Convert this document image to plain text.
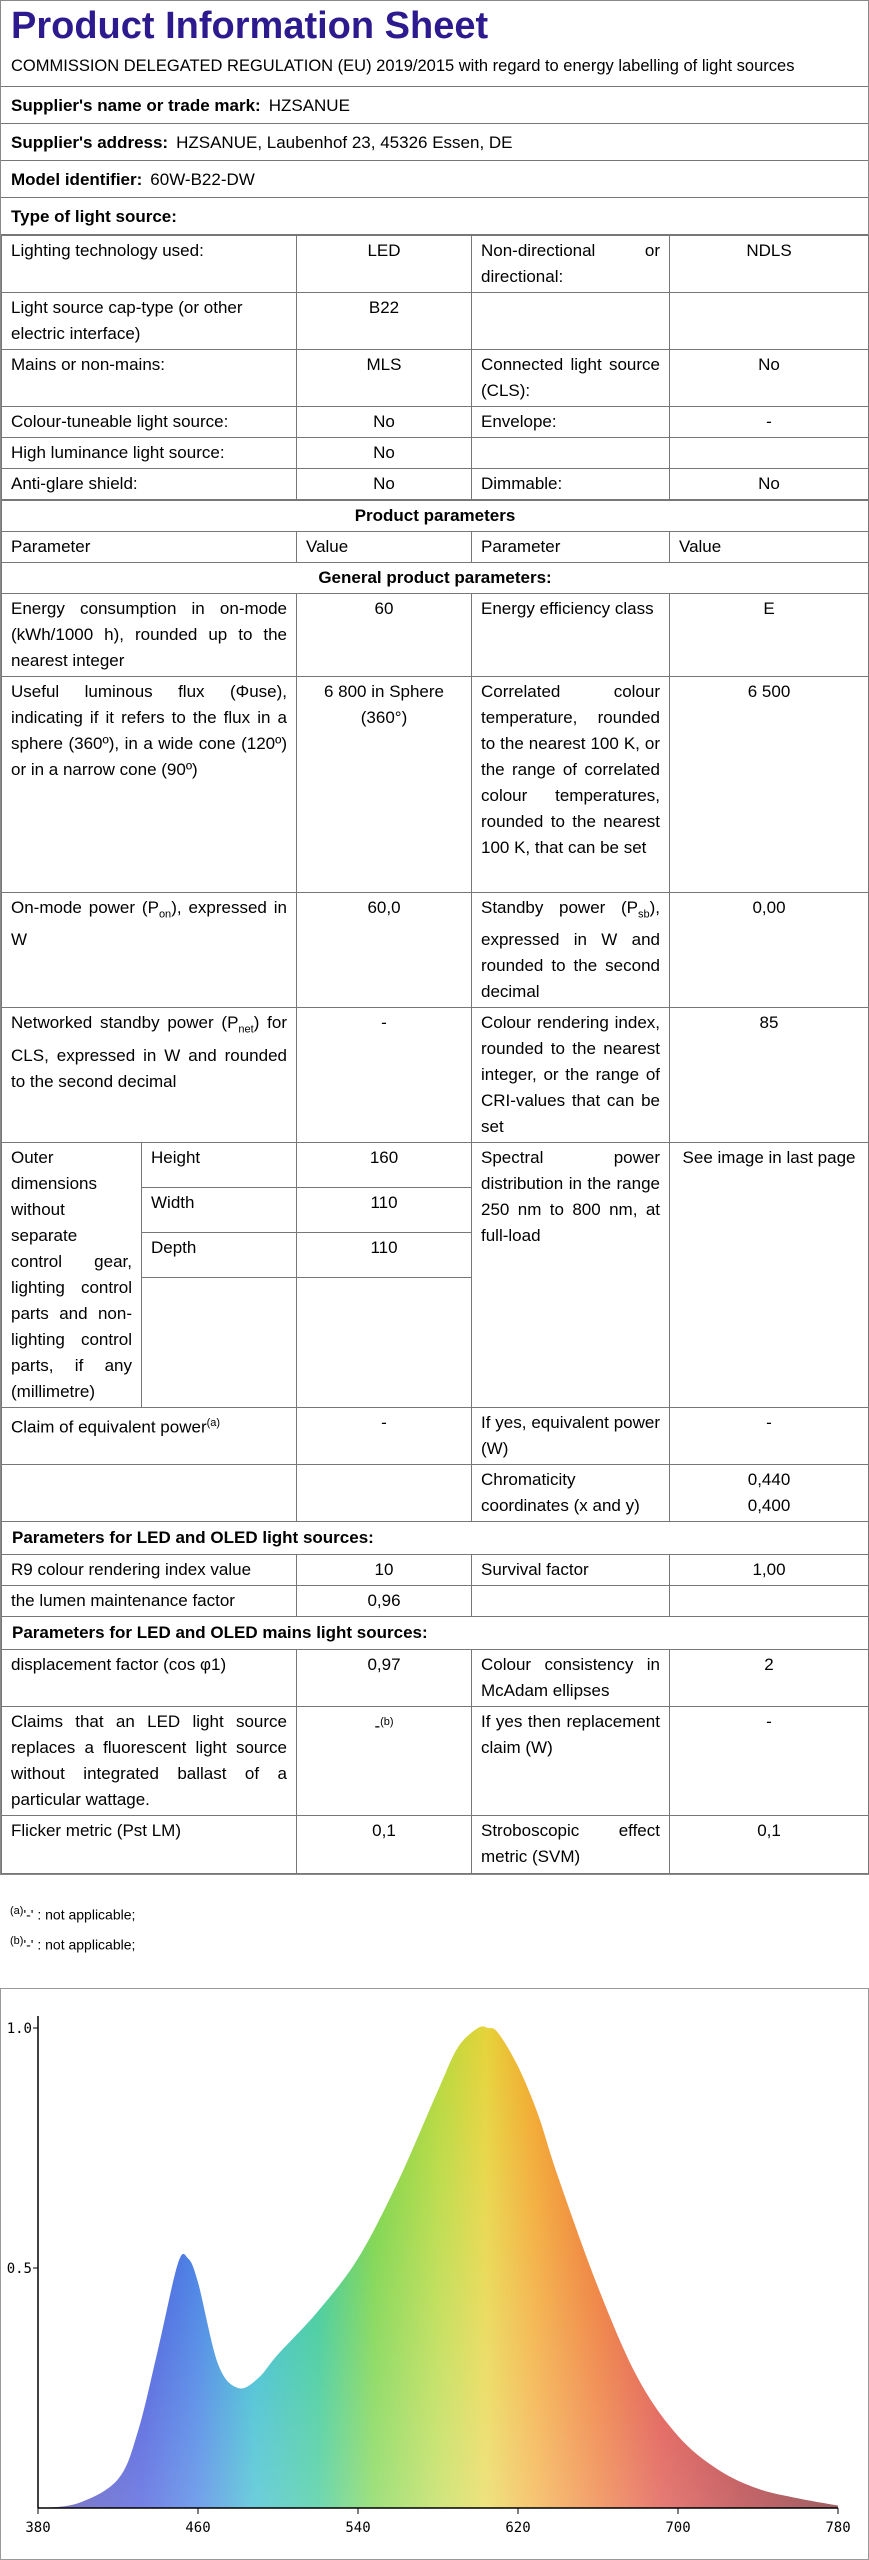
Product Information Sheet
COMMISSION DELEGATED REGULATION (EU) 2019/2015 with regard to energy labelling of light sources
Supplier's name or trade mark: HZSANUE
Supplier's address: HZSANUE, Laubenhof 23, 45326 Essen, DE
Model identifier: 60W-B22-DW
Type of light source:
Lighting technology used:	LED	Non-directional or directional:	NDLS
Light source cap-type (or other electric interface)	B22		
Mains or non-mains:	MLS	Connected light source (CLS):	No
Colour-tuneable light source:	No	Envelope:	-
High luminance light source:	No		
Anti-glare shield:	No	Dimmable:	No
Product parameters				
Parameter		Value	Parameter	Value
General product parameters:				
Energy consumption in on-mode (kWh/1000 h), rounded up to the nearest integer		60	Energy efficiency class	E
Useful luminous flux (Φuse), indicating if it refers to the flux in a sphere (360º), in a wide cone (120º) or in a narrow cone (90º)		6 800 in Sphere (360°)	Correlated colour temperature, rounded to the nearest 100 K, or the range of correlated colour temperatures, rounded to the nearest 100 K, that can be set	6 500
On-mode power $(P_{on})$, expressed in W		60,0	Standby power $(P_{sb})$, expressed in W and rounded to the second decimal	0,00
Networked standby power $(P_{net})$ for CLS, expressed in W and rounded to the second decimal		-	Colour rendering index, rounded to the nearest integer, or the range of CRI-values that can be set	85
Outer dimensions without separate control gear, lighting control parts and non-lighting control parts, if any (millimetre)	Height	160	Spectral power distribution in the range 250 nm to 800 nm, at full-load	See image in last page
	Width	110		
	Depth	110		

Claim of equivalent power$^{(a)}$		-	If yes, equivalent power (W)	-
			Chromaticity coordinates (x and y)	0,440
0,400

Parameters for LED and OLED light sources:				
R9 colour rendering index value		10	Survival factor	1,00
the lumen maintenance factor		0,96		
Parameters for LED and OLED mains light sources:				
displacement factor (cos φ1)		0,97	Colour consistency in McAdam ellipses	2
Claims that an LED light source replaces a fluorescent light source without integrated ballast of a particular wattage.		-$^{(b)}$	If yes then replacement claim (W)	-
Flicker metric (Pst LM)		0,1	Stroboscopic effect metric (SVM)	0,1
$^{(a)}$'-' : not applicable;
$^{(b)}$'-' : not applicable;
380	460	540	620	700	780
0.5
1.0
